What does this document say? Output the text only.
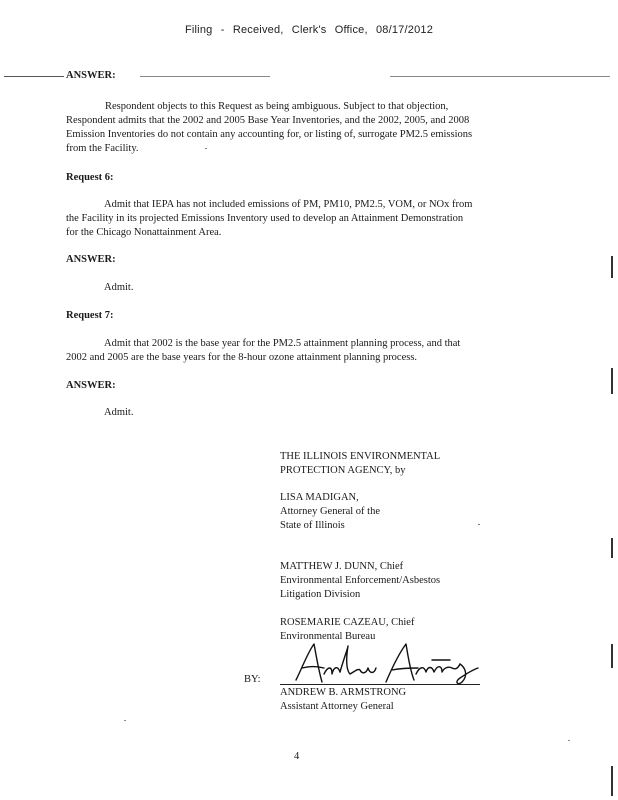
Filing - Received, Clerk's Office, 08/17/2012
ANSWER:
Respondent objects to this Request as being ambiguous. Subject to that objection,
Respondent admits that the 2002 and 2005 Base Year Inventories, and the 2002, 2005, and 2008
Emission Inventories do not contain any accounting for, or listing of, surrogate PM2.5 emissions
from the Facility.
Request 6:
Admit that IEPA has not included emissions of PM, PM10, PM2.5, VOM, or NOx from
the Facility in its projected Emissions Inventory used to develop an Attainment Demonstration
for the Chicago Nonattainment Area.
ANSWER:
Admit.
Request 7:
Admit that 2002 is the base year for the PM2.5 attainment planning process, and that
2002 and 2005 are the base years for the 8-hour ozone attainment planning process.
ANSWER:
Admit.
THE ILLINOIS ENVIRONMENTAL
PROTECTION AGENCY, by
LISA MADIGAN,
Attorney General of the
State of Illinois
MATTHEW J. DUNN, Chief
Environmental Enforcement/Asbestos
Litigation Division
ROSEMARIE CAZEAU, Chief
Environmental Bureau
BY:
ANDREW B. ARMSTRONG
Assistant Attorney General
4
